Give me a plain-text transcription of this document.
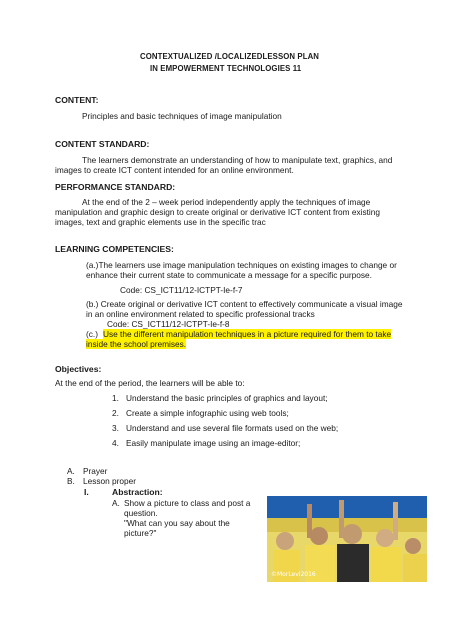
CONTEXTUALIZED /LOCALIZEDLESSON PLAN
IN EMPOWERMENT TECHNOLOGIES 11
CONTENT:
Principles and basic techniques of image manipulation
CONTENT STANDARD:
The learners demonstrate an understanding of how to manipulate text, graphics, and
images to create ICT content intended for an online environment.
PERFORMANCE STANDARD:
At the end of the 2 – week period independently apply the techniques of image
manipulation and graphic design to create original or derivative ICT content from existing
images, text and graphic elements use in the specific trac
LEARNING COMPETENCIES:
(a.)The learners use image manipulation techniques on existing images to change or
enhance their current state to communicate a message for a specific purpose.
Code: CS_ICT11/12-ICTPT-Ie-f-7
(b.) Create original or derivative ICT content to effectively communicate a visual image
in an online environment related to specific professional tracks
Code: CS_ICT11/12-ICTPT-Ie-f-8
(c.) Use the different manipulation techniques in a picture required for them to take
inside the school premises.
Objectives:
At the end of the period, the learners will be able to:
1. Understand the basic principles of graphics and layout;
2. Create a simple infographic using web tools;
3. Understand and use several file formats used on the web;
4. Easily manipulate image using an image-editor;
A. Prayer
B. Lesson proper
I.	Abstraction:
A. Show a picture to class and post a
question.
"What can you say about the
picture?"
©MorLevi2016
